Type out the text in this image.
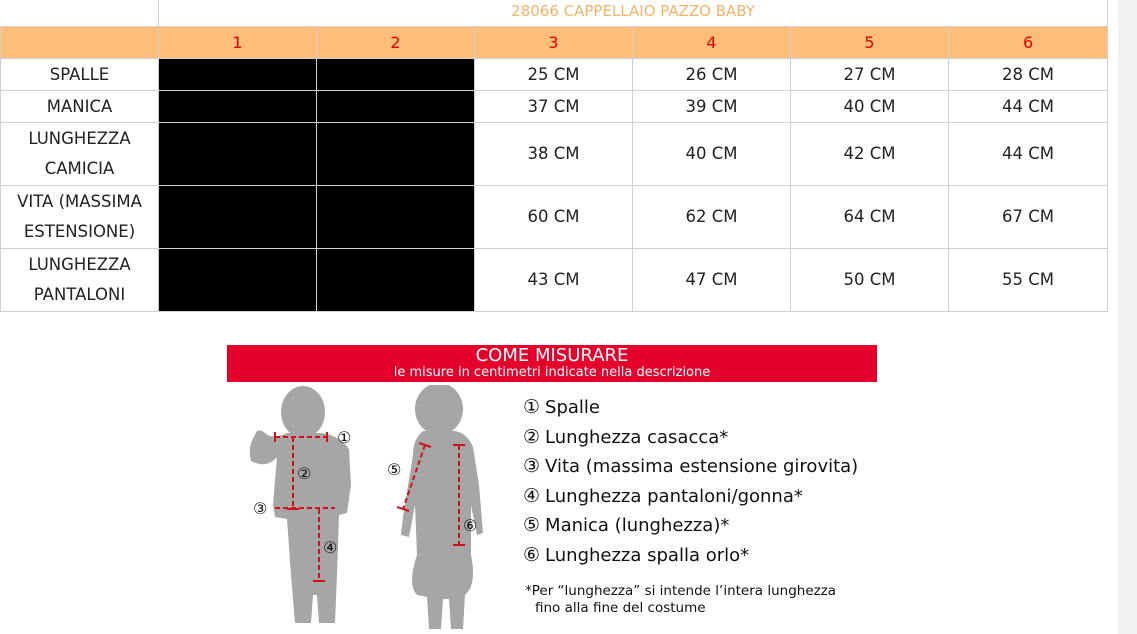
	28066 CAPPELLAIO PAZZO BABY					
	1	2	3	4	5	6
SPALLE			25 CM	26 CM	27 CM	28 CM
MANICA			37 CM	39 CM	40 CM	44 CM
LUNGHEZZA
CAMICIA			38 CM	40 CM	42 CM	44 CM
VITA (MASSIMA
ESTENSIONE)			60 CM	62 CM	64 CM	67 CM
LUNGHEZZA
PANTALONI			43 CM	47 CM	50 CM	55 CM
COME MISURARE
le misure in centimetri indicate nella descrizione
①
②
③
④
⑤
⑥
① Spalle
② Lunghezza casacca*
③ Vita (massima estensione girovita)
④ Lunghezza pantaloni/gonna*
⑤ Manica (lunghezza)*
⑥ Lunghezza spalla orlo*
*Per “lunghezza” si intende l’intera lunghezza
fino alla fine del costume
